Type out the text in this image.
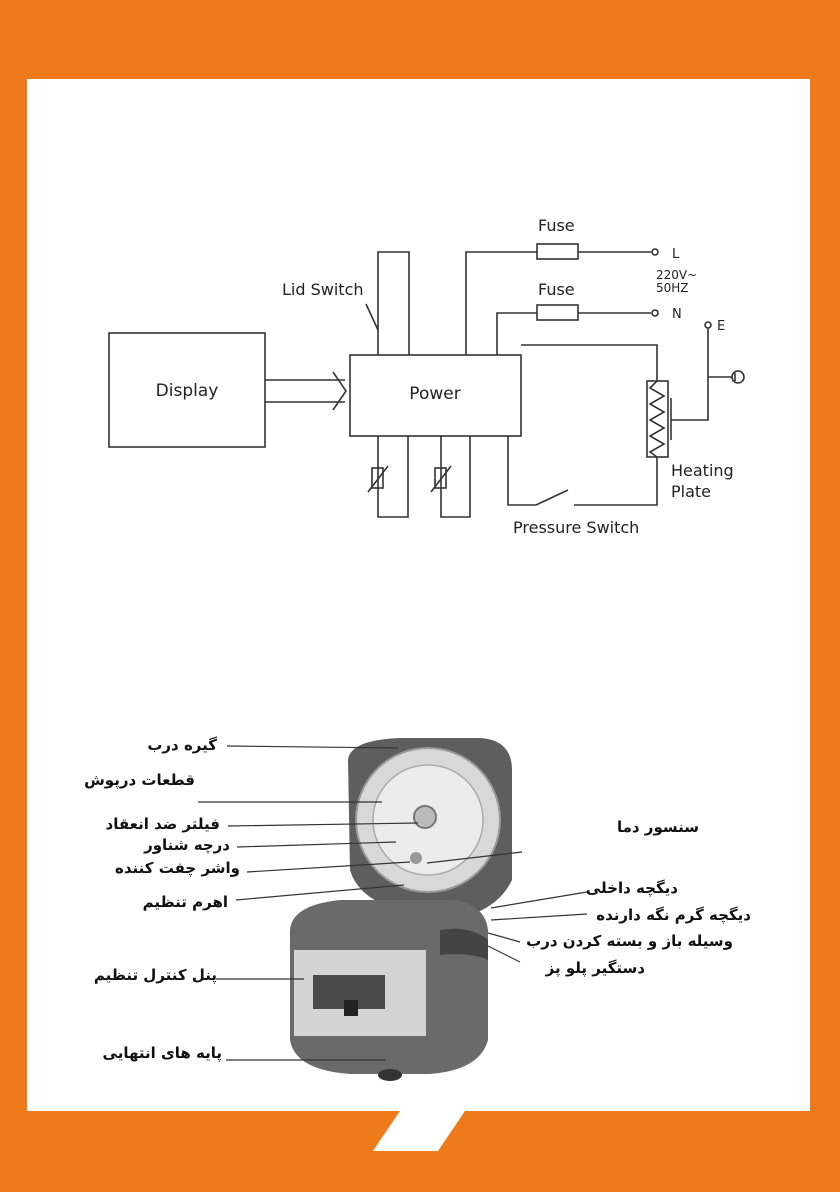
Display	Power
Lid Switch
Fuse
Fuse
L
N
E
220V~
50HZ
Heating
Plate
Pressure Switch
گیره درب
قطعات درپوش
فیلتر ضد انعقاد
درچه شناور
واشر چفت کننده
اهرم تنظیم
پنل کنترل تنظیم
پایه های انتهایی
سنسور دما
دیگچه داخلی
دیگچه گرم نگه دارنده
وسیله باز و بسته کردن درب
دستگیر پلو پز
